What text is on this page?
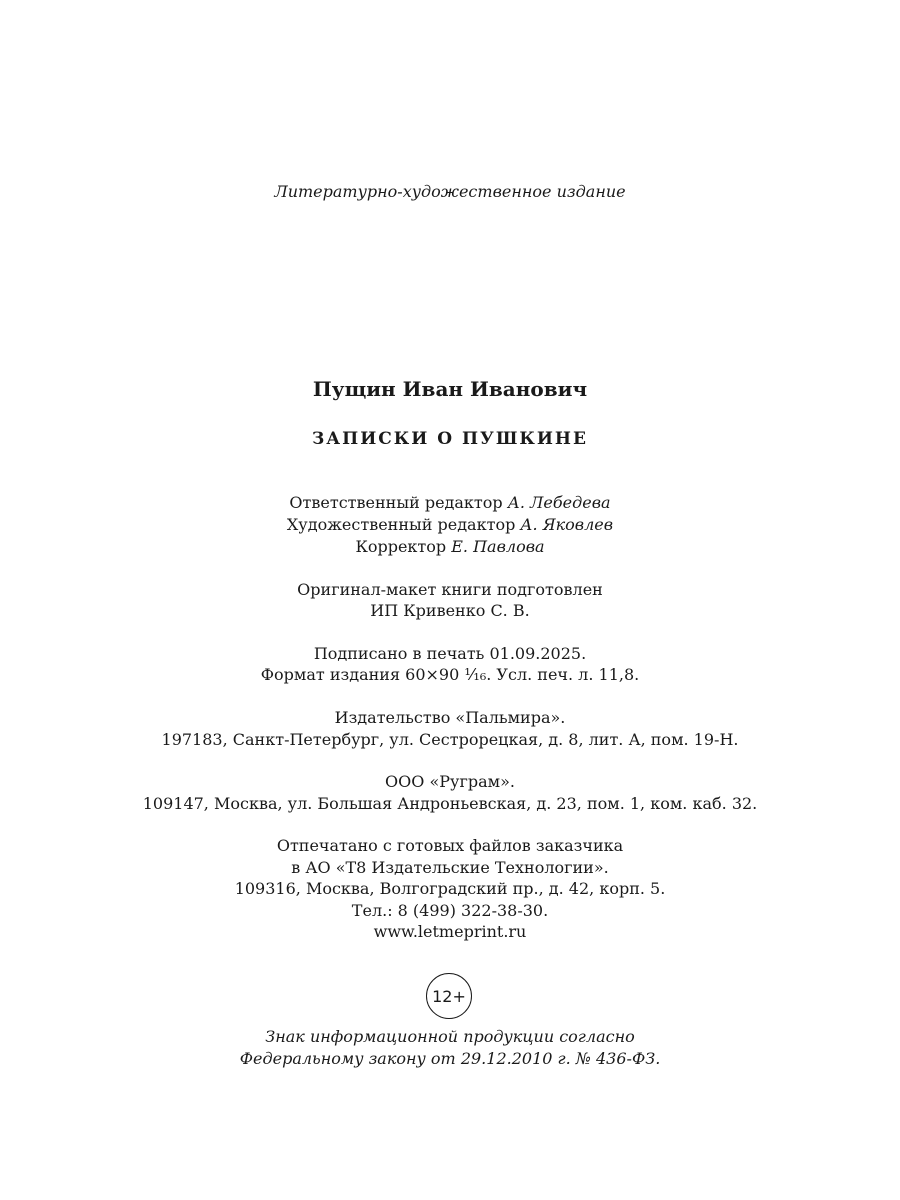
Литературно-художественное издание
Пущин Иван Иванович
ЗАПИСКИ О ПУШКИНЕ
Ответственный редактор А. Лебедева
Художественный редактор А. Яковлев
Корректор Е. Павлова
Оригинал-макет книги подготовлен
ИП Кривенко С. В.
Подписано в печать 01.09.2025.
Формат издания 60×90 ¹⁄₁₆. Усл. печ. л. 11,8.
Издательство «Пальмира».
197183, Санкт-Петербург, ул. Сестрорецкая, д. 8, лит. А, пом. 19-Н.
ООО «Руграм».
109147, Москва, ул. Большая Андроньевская, д. 23, пом. 1, ком. каб. 32.
Отпечатано с готовых файлов заказчика
в АО «Т8 Издательские Технологии».
109316, Москва, Волгоградский пр., д. 42, корп. 5.
Тел.: 8 (499) 322-38-30.
www.letmeprint.ru
12+
Знак информационной продукции согласно
Федеральному закону от 29.12.2010 г. № 436-ФЗ.
